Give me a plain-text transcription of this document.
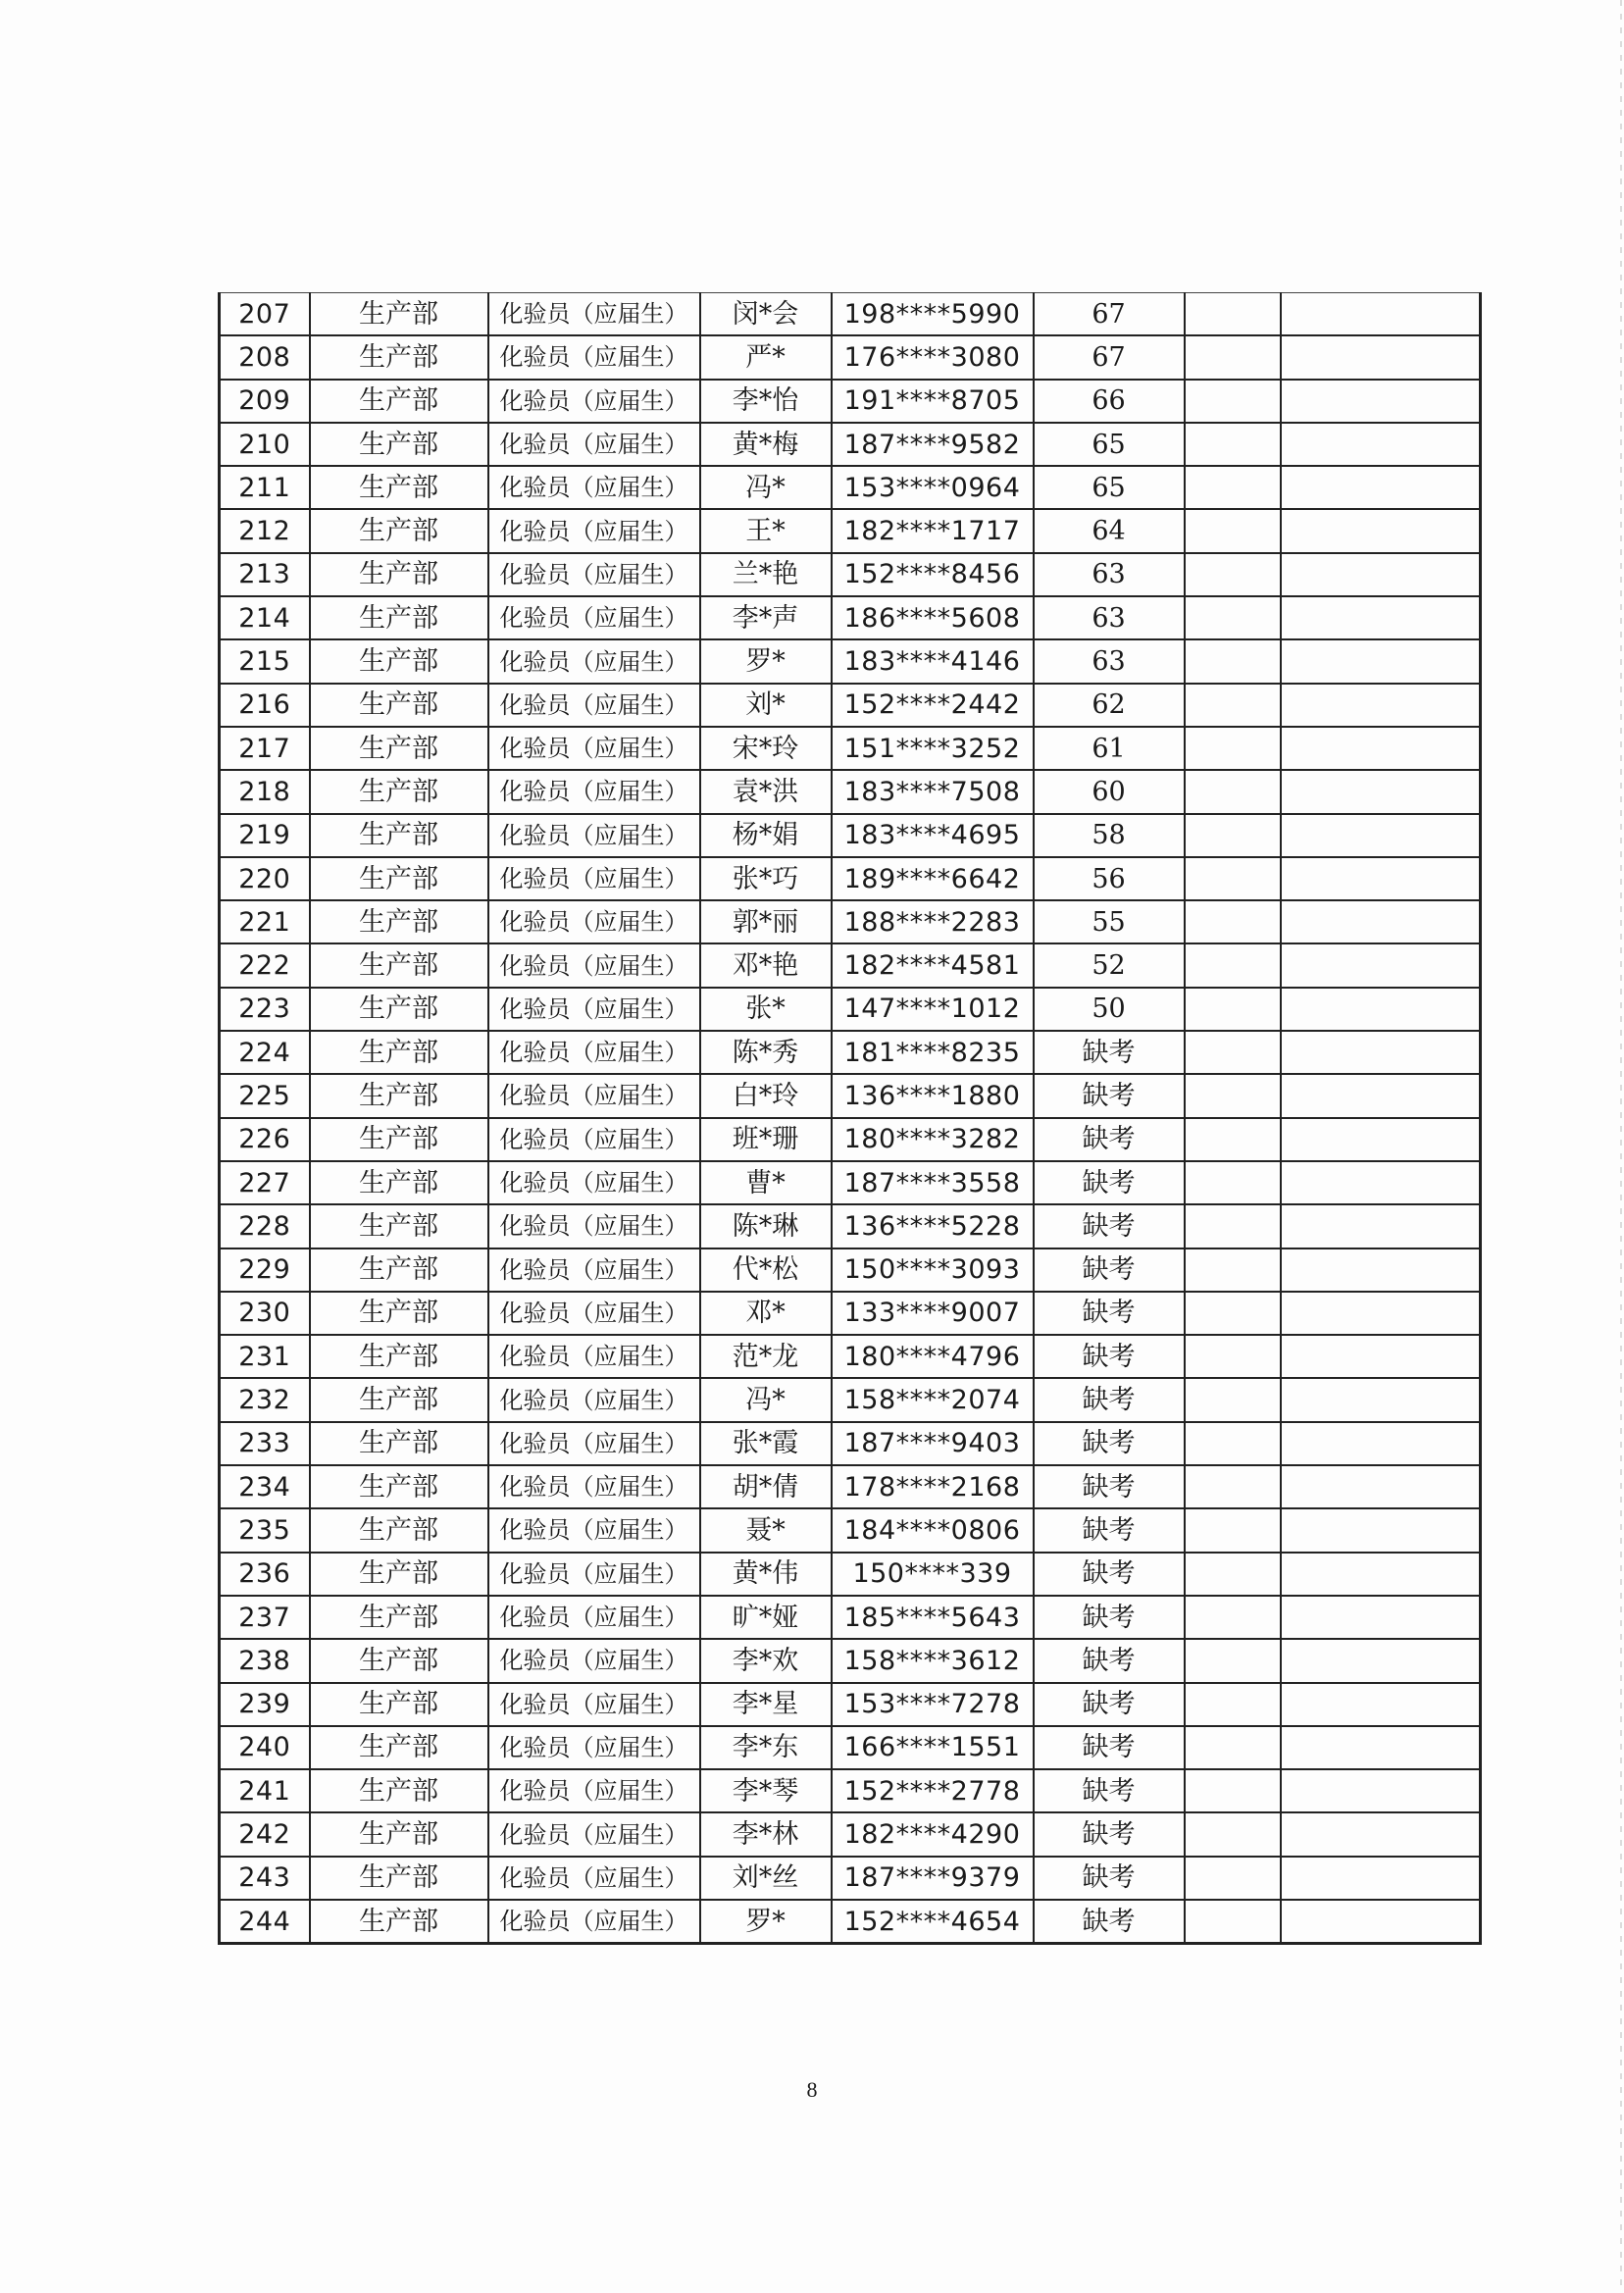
207	生产部	化验员（应届生）	闵*会	198****5990	67		
208	生产部	化验员（应届生）	严*	176****3080	67		
209	生产部	化验员（应届生）	李*怡	191****8705	66		
210	生产部	化验员（应届生）	黄*梅	187****9582	65		
211	生产部	化验员（应届生）	冯*	153****0964	65		
212	生产部	化验员（应届生）	王*	182****1717	64		
213	生产部	化验员（应届生）	兰*艳	152****8456	63		
214	生产部	化验员（应届生）	李*声	186****5608	63		
215	生产部	化验员（应届生）	罗*	183****4146	63		
216	生产部	化验员（应届生）	刘*	152****2442	62		
217	生产部	化验员（应届生）	宋*玲	151****3252	61		
218	生产部	化验员（应届生）	袁*洪	183****7508	60		
219	生产部	化验员（应届生）	杨*娟	183****4695	58		
220	生产部	化验员（应届生）	张*巧	189****6642	56		
221	生产部	化验员（应届生）	郭*丽	188****2283	55		
222	生产部	化验员（应届生）	邓*艳	182****4581	52		
223	生产部	化验员（应届生）	张*	147****1012	50		
224	生产部	化验员（应届生）	陈*秀	181****8235	缺考		
225	生产部	化验员（应届生）	白*玲	136****1880	缺考		
226	生产部	化验员（应届生）	班*珊	180****3282	缺考		
227	生产部	化验员（应届生）	曹*	187****3558	缺考		
228	生产部	化验员（应届生）	陈*琳	136****5228	缺考		
229	生产部	化验员（应届生）	代*松	150****3093	缺考		
230	生产部	化验员（应届生）	邓*	133****9007	缺考		
231	生产部	化验员（应届生）	范*龙	180****4796	缺考		
232	生产部	化验员（应届生）	冯*	158****2074	缺考		
233	生产部	化验员（应届生）	张*霞	187****9403	缺考		
234	生产部	化验员（应届生）	胡*倩	178****2168	缺考		
235	生产部	化验员（应届生）	聂*	184****0806	缺考		
236	生产部	化验员（应届生）	黄*伟	150****339	缺考		
237	生产部	化验员（应届生）	旷*娅	185****5643	缺考		
238	生产部	化验员（应届生）	李*欢	158****3612	缺考		
239	生产部	化验员（应届生）	李*星	153****7278	缺考		
240	生产部	化验员（应届生）	李*东	166****1551	缺考		
241	生产部	化验员（应届生）	李*琴	152****2778	缺考		
242	生产部	化验员（应届生）	李*林	182****4290	缺考		
243	生产部	化验员（应届生）	刘*丝	187****9379	缺考		
244	生产部	化验员（应届生）	罗*	152****4654	缺考		
8
